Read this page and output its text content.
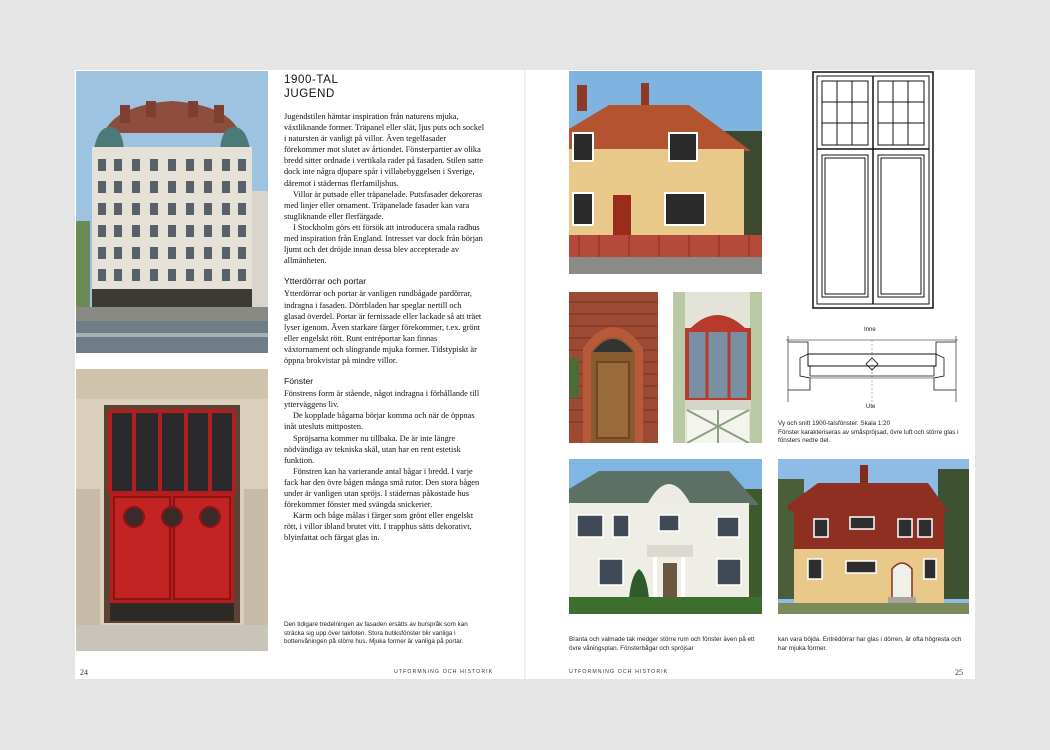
Inne
Ute
1900-TAL
JUGEND

Jugendstilen hämtar inspiration från naturens mjuka, växtliknande former. Träpanel eller slät, ljus puts och sockel i natursten är vanligt på villor. Även tegelfasader förekommer mot slutet av årtiondet. Fönsterpartier av olika bredd sitter ordnade i vertikala rader på fasaden. Stilen satte dock inte några djupare spår i villabebyggelsen i Sverige, däremot i städernas flerfamiljshus.

Villor är putsade eller träpanelade. Putsfasader dekoreras med linjer eller ornament. Träpanelade fasader kan vara stugliknande eller flerfärgade.

I Stockholm görs ett försök att introducera smala radhus med inspiration från England. Intresset var dock från början ljumt och det dröjde innan dessa blev accepterade av allmänheten.

Ytterdörrar och portar

Ytterdörrar och portar är vanligen rundbågade pardörrar, indragna i fasaden. Dörrbladen har speglar nertill och glasad överdel. Portar är fernissade eller lackade så att träet lyser igenom. Även starkare färger förekommer, t.ex. grönt eller engelskt rött. Runt entréportar kan finnas växtornament och slingrande mjuka former. Tidstypiskt är öppna brokvistar på mindre villor.

Fönster

Fönstrens form är stående, något indragna i förhållande till ytterväggens liv.

De kopplade bågarna börjar komma och när de öppnas inåt utesluts mittposten.

Spröjsarna kommer nu tillbaka. De är inte längre nödvändiga av tekniska skäl, utan har en rent estetisk funktion.

Fönstren kan ha varierande antal bågar i bredd. I varje fack har den övre bågen många små rutor. Den stora bågen under är vanligen utan spröjs. I städernas påkostade hus förekommer fönster med svängda snickerier.

Karm och båge målas i färger som grönt eller engelskt rött, i villor ibland brutet vitt. I trapphus sätts dekorativt, blyinfattat och färgat glas in.

Den tidigare tredelningen av fasaden ersätts av burspråk som kan sträcka sig upp över takfoten. Stora butiksfönster blir vanliga i bottenvåningen på större hus. Mjuka former är vanliga på portar.
Vy och snitt 1900-talsfönster. Skala 1:20
Fönster karakteriseras av småspröjsad, övre luft och större glas i fönsters nedre del.
Branta och valmade tak medger större rum och fönster även på ett övre våningsplan. Fönsterbågar och spröjsar
kan vara böjda. Entrédörrar har glas i dörren, är ofta högresta och har mjuka former.
24	25
UTFORMNING OCH HISTORIK	UTFORMNING OCH HISTORIK
